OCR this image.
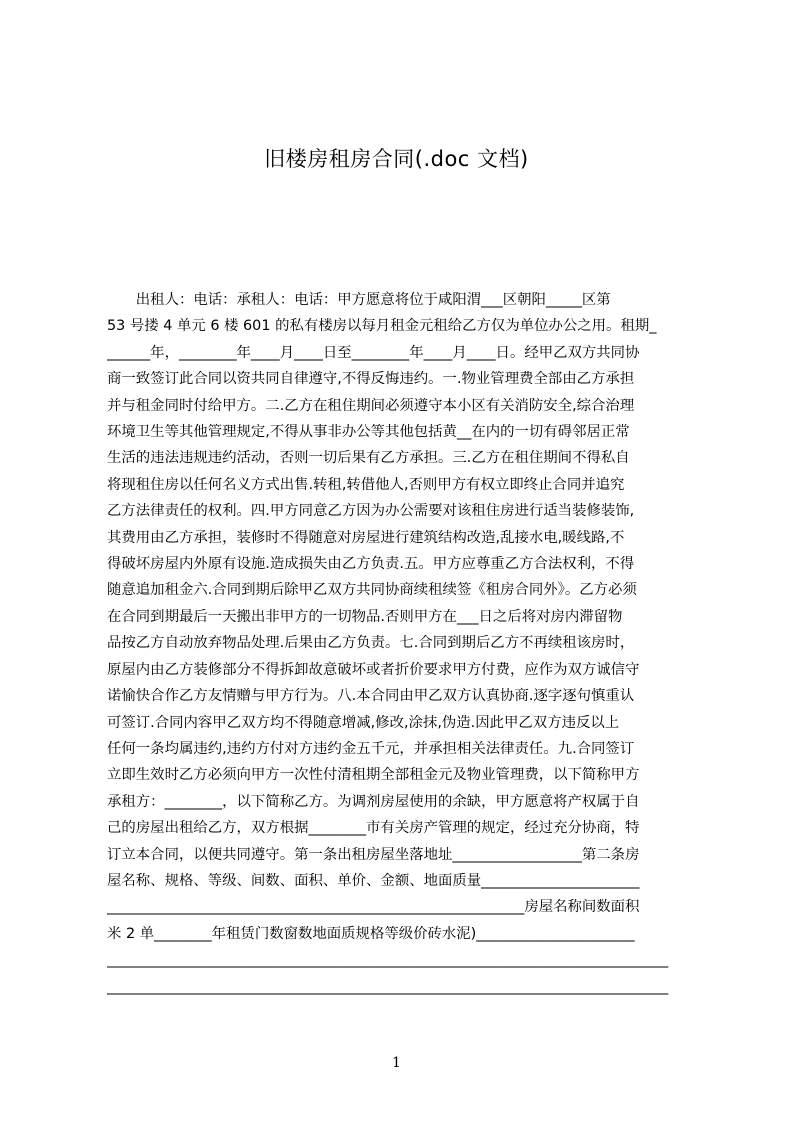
旧楼房租房合同(.doc 文档)
　　出租人：电话：承租人：电话：甲方愿意将位于咸阳渭___区朝阳_____区第
53 号搂 4 单元 6 楼 601 的私有楼房以每月租金元租给乙方仅为单位办公之用。租期_
______年，________年____月____日至________年____月____日。经甲乙双方共同协
商一致签订此合同以资共同自律遵守,不得反悔违约。一.物业管理费全部由乙方承担
并与租金同时付给甲方。二.乙方在租住期间必须遵守本小区有关消防安全,综合治理
环境卫生等其他管理规定,不得从事非办公等其他包括黄__在内的一切有碍邻居正常
生活的违法违规违约活动，否则一切后果有乙方承担。三.乙方在租住期间不得私自
将现租住房以任何名义方式出售.转租,转借他人,否则甲方有权立即终止合同并追究
乙方法律责任的权利。四.甲方同意乙方因为办公需要对该租住房进行适当装修装饰,
其费用由乙方承担，装修时不得随意对房屋进行建筑结构改造,乱接水电,暖线路,不
得破坏房屋内外原有设施.造成损失由乙方负责.五。甲方应尊重乙方合法权利，不得
随意追加租金六.合同到期后除甲乙双方共同协商续租续签《租房合同外》。乙方必须
在合同到期最后一天搬出非甲方的一切物品.否则甲方在___日之后将对房内滞留物
品按乙方自动放弃物品处理.后果由乙方负责。七.合同到期后乙方不再续租该房时，
原屋内由乙方装修部分不得拆卸故意破坏或者折价要求甲方付费，应作为双方诚信守
诺愉快合作乙方友情赠与甲方行为。八.本合同由甲乙双方认真协商.逐字逐句慎重认
可签订.合同内容甲乙双方均不得随意增减,修改,涂抹,伪造.因此甲乙双方违反以上
任何一条均属违约,违约方付对方违约金五千元，并承担相关法律责任。九.合同签订
立即生效时乙方必须向甲方一次性付清租期全部租金元及物业管理费，以下简称甲方
承租方：________，以下简称乙方。为调剂房屋使用的余缺，甲方愿意将产权属于自
己的房屋出租给乙方，双方根据________市有关房产管理的规定，经过充分协商，特
订立本合同，以便共同遵守。第一条出租房屋坐落地址__________________第二条房
屋名称、规格、等级、间数、面积、单价、金额、地面质量______________________
__________________________________________________________房屋名称间数面积
米 2 单________年租赁门数窗数地面质规格等级价砖水泥)______________________
______________________________________________________________________________
______________________________________________________________________________
1
